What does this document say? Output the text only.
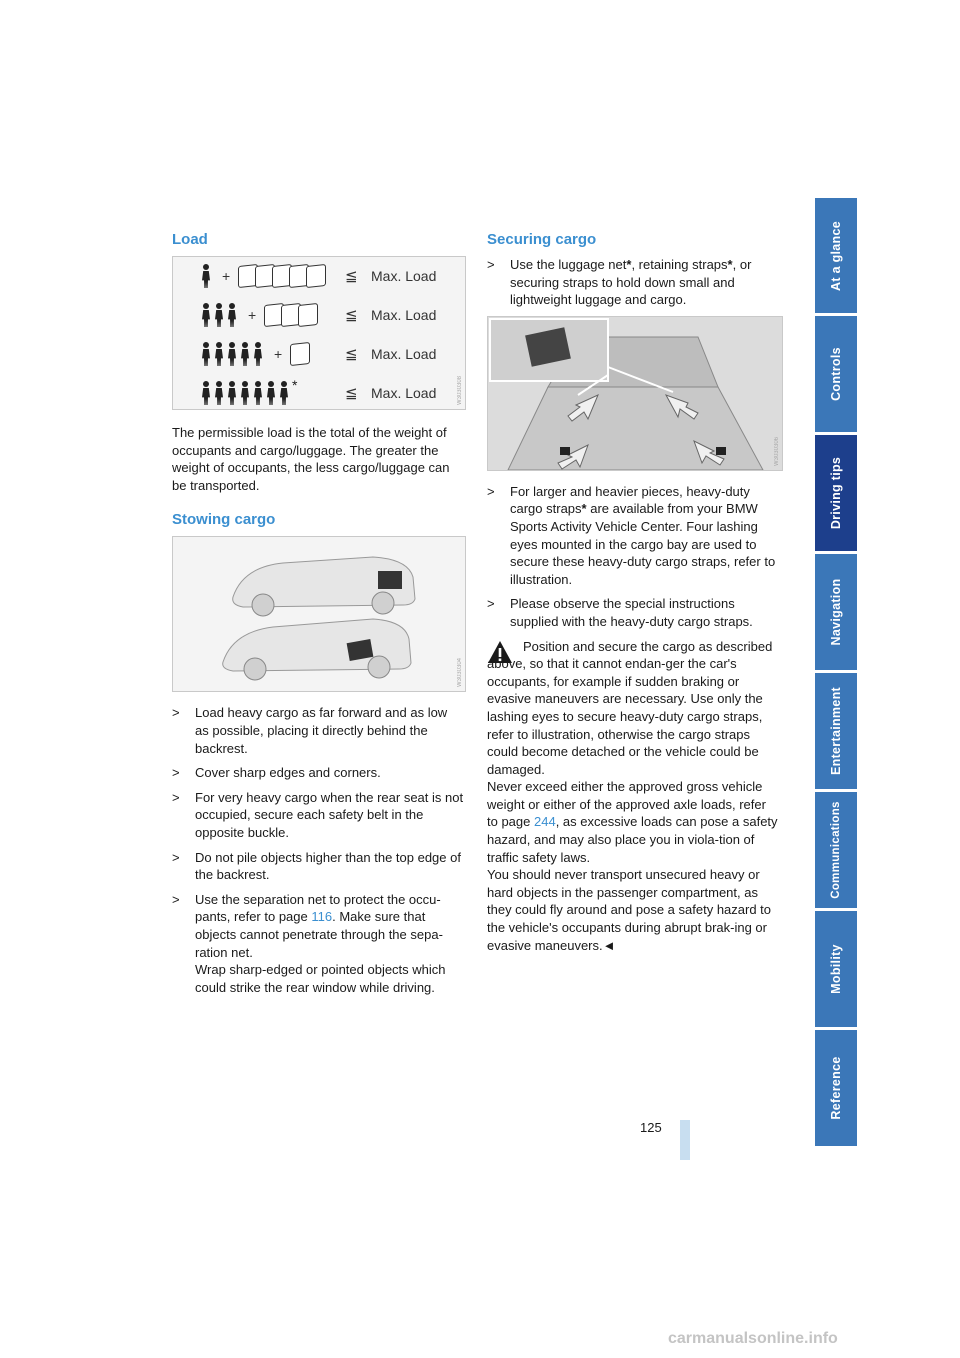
Load
+	≦ Max. Load
+	≦ Max. Load
+	≦ Max. Load
*	≦ Max. Load	W3030308

The permissible load is the total of the weight of occupants and cargo/luggage. The greater the weight of occupants, the less cargo/luggage can be transported.

Stowing cargo
W3030304
> Load heavy cargo as far forward and as low as possible, placing it directly behind the backrest.
> Cover sharp edges and corners.
> For very heavy cargo when the rear seat is not occupied, secure each safety belt in the opposite buckle.
> Do not pile objects higher than the top edge of the backrest.
> Use the separation net to protect the occu-pants, refer to page 116. Make sure that objects cannot penetrate through the sepa-ration net.
Wrap sharp-edged or pointed objects which could strike the rear window while driving.
Securing cargo
> Use the luggage net*, retaining straps*, or securing straps to hold down small and lightweight luggage and cargo.
W3030306
> For larger and heavier pieces, heavy-duty cargo straps* are available from your BMW Sports Activity Vehicle Center. Four lashing eyes mounted in the cargo bay are used to secure these heavy-duty cargo straps, refer to illustration.
> Please observe the special instructions supplied with the heavy-duty cargo straps.

Position and secure the cargo as described above, so that it cannot endan-ger the car's occupants, for example if sudden braking or evasive maneuvers are necessary. Use only the lashing eyes to secure heavy-duty cargo straps, refer to illustration, otherwise the cargo straps could become detached or the vehicle could be damaged.

Never exceed either the approved gross vehicle weight or either of the approved axle loads, refer to page 244, as excessive loads can pose a safety hazard, and may also place you in viola-tion of traffic safety laws.

You should never transport unsecured heavy or hard objects in the passenger compartment, as they could fly around and pose a safety hazard to the vehicle's occupants during abrupt brak-ing or evasive maneuvers.◄

At a glance
Controls
Driving tips
Navigation
Entertainment
Communications
Mobility
Reference
125
carmanualsonline.info
